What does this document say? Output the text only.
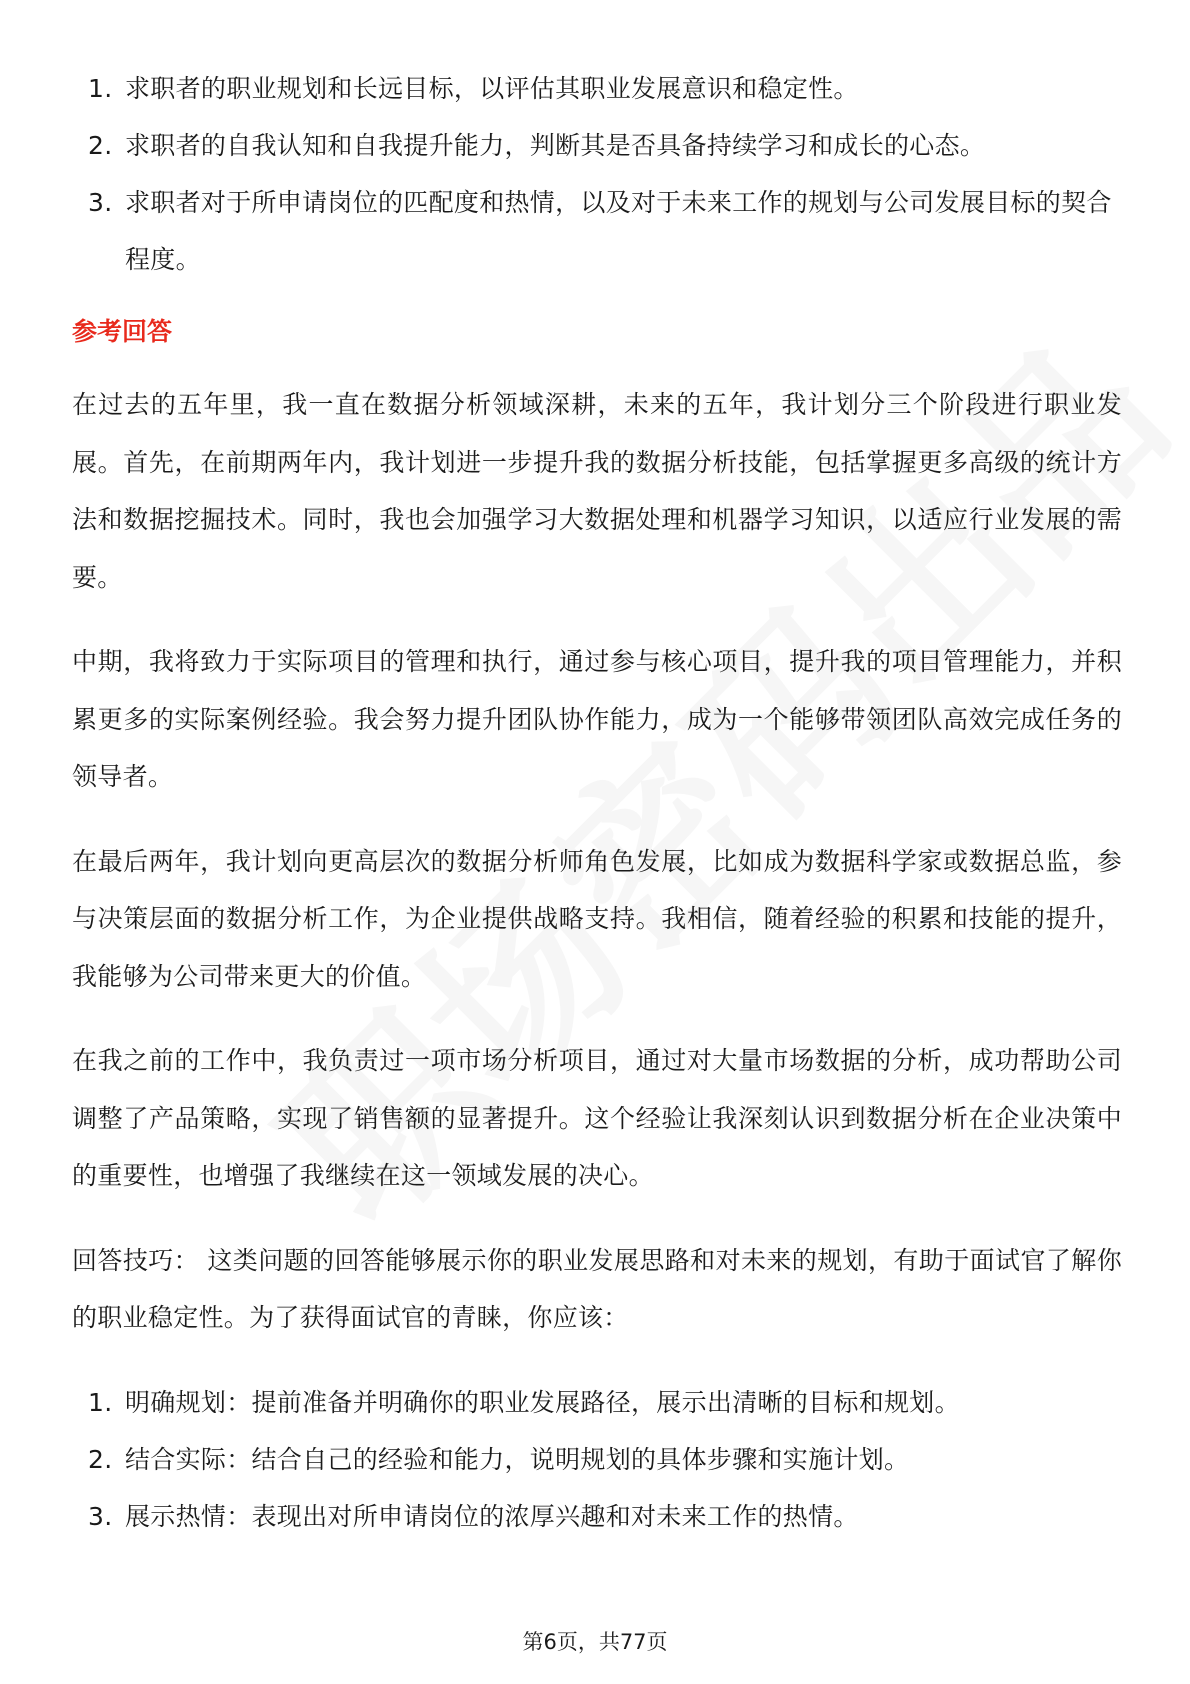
1. 求职者的职业规划和长远目标，以评估其职业发展意识和稳定性。
2. 求职者的自我认知和自我提升能力，判断其是否具备持续学习和成长的心态。
3. 求职者对于所申请岗位的匹配度和热情，以及对于未来工作的规划与公司发展目标的契合程度。
参考回答

在过去的五年里，我一直在数据分析领域深耕，未来的五年，我计划分三个阶段进行职业发展。首先，在前期两年内，我计划进一步提升我的数据分析技能，包括掌握更多高级的统计方法和数据挖掘技术。同时，我也会加强学习大数据处理和机器学习知识，以适应行业发展的需要。

中期，我将致力于实际项目的管理和执行，通过参与核心项目，提升我的项目管理能力，并积累更多的实际案例经验。我会努力提升团队协作能力，成为一个能够带领团队高效完成任务的领导者。

在最后两年，我计划向更高层次的数据分析师角色发展，比如成为数据科学家或数据总监，参与决策层面的数据分析工作，为企业提供战略支持。我相信，随着经验的积累和技能的提升，我能够为公司带来更大的价值。

在我之前的工作中，我负责过一项市场分析项目，通过对大量市场数据的分析，成功帮助公司调整了产品策略，实现了销售额的显著提升。这个经验让我深刻认识到数据分析在企业决策中的重要性，也增强了我继续在这一领域发展的决心。

回答技巧： 这类问题的回答能够展示你的职业发展思路和对未来的规划，有助于面试官了解你的职业稳定性。为了获得面试官的青睐，你应该：

1. 明确规划：提前准备并明确你的职业发展路径，展示出清晰的目标和规划。
2. 结合实际：结合自己的经验和能力，说明规划的具体步骤和实施计划。
3. 展示热情：表现出对所申请岗位的浓厚兴趣和对未来工作的热情。
第6页，共77页
